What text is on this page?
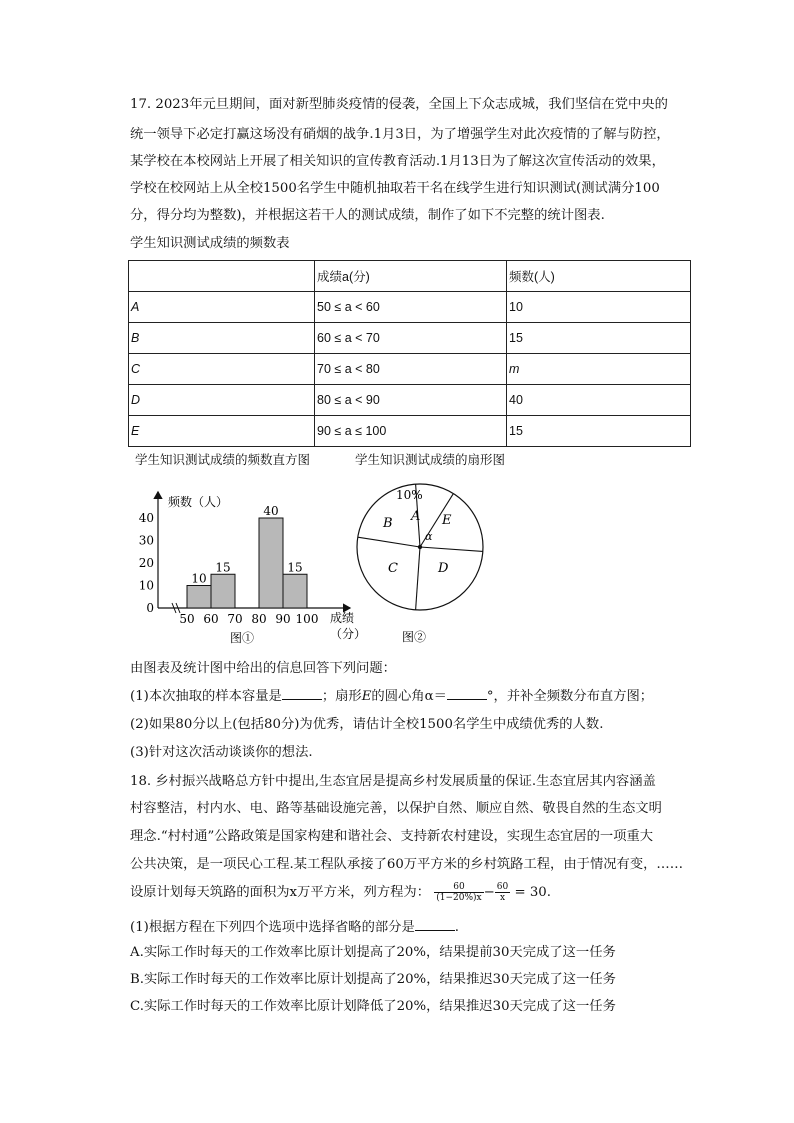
17. 2023年元旦期间，面对新型肺炎疫情的侵袭，全国上下众志成城，我们坚信在党中央的
统一领导下必定打赢这场没有硝烟的战争.1月3日，为了增强学生对此次疫情的了解与防控，
某学校在本校网站上开展了相关知识的宣传教育活动.1月13日为了解这次宣传活动的效果，
学校在校网站上从全校1500名学生中随机抽取若干名在线学生进行知识测试(测试满分100
分，得分均为整数)，并根据这若干人的测试成绩，制作了如下不完整的统计图表.
学生知识测试成绩的频数表
	成绩a(分)	频数(人)
A	50 ≤ a < 60	10
B	60 ≤ a < 70	15
C	70 ≤ a < 80	m
D	80 ≤ a < 90	40
E	90 ≤ a ≤ 100	15
学生知识测试成绩的频数直方图	学生知识测试成绩的扇形图
频数（人）
40
30
20
10
0
50 60 70 80 90 100
10
15
40
15
成绩
（分）
图①
10%
A
B
C	D
E
α
图②
由图表及统计图中给出的信息回答下列问题：
(1)本次抽取的样本容量是	；扇形E的圆心角α＝	°，并补全频数分布直方图；
(2)如果80分以上(包括80分)为优秀，请估计全校1500名学生中成绩优秀的人数.
(3)针对这次活动谈谈你的想法.
18. 乡村振兴战略总方针中提出,生态宜居是提高乡村发展质量的保证.生态宜居其内容涵盖
村容整洁，村内水、电、路等基础设施完善，以保护自然、顺应自然、敬畏自然的生态文明
理念.“村村通”公路政策是国家构建和谐社会、支持新农村建设，实现生态宜居的一项重大
公共决策，是一项民心工程.某工程队承接了60万平方米的乡村筑路工程，由于情况有变，……
设原计划每天筑路的面积为x万平方米，列方程为： $\frac{60}{(1-20\%)x} - \frac{60}{x} = 30$.
(1)根据方程在下列四个选项中选择省略的部分是	.
A.实际工作时每天的工作效率比原计划提高了20%，结果提前30天完成了这一任务
B.实际工作时每天的工作效率比原计划提高了20%，结果推迟30天完成了这一任务
C.实际工作时每天的工作效率比原计划降低了20%，结果推迟30天完成了这一任务
